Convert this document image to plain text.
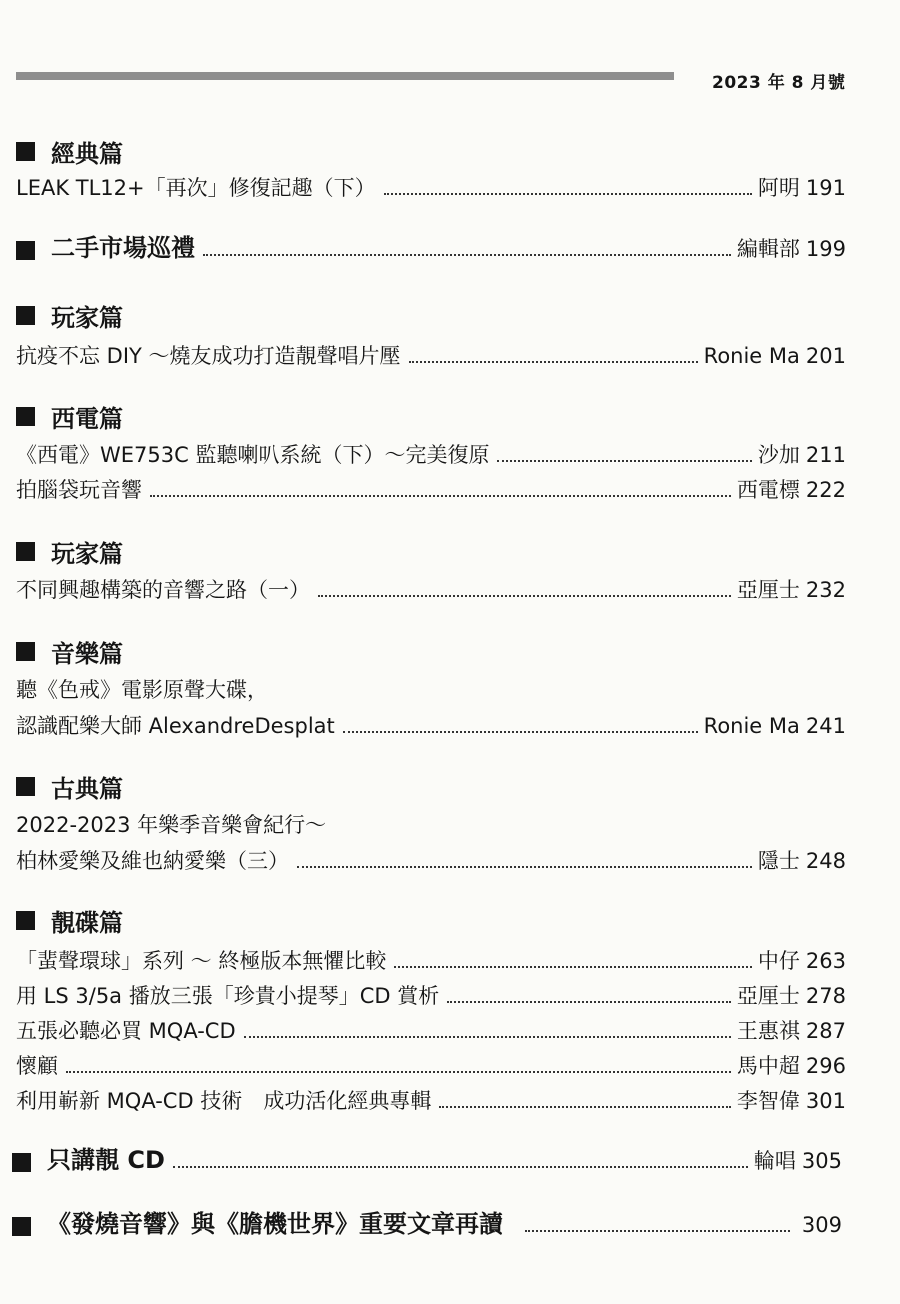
2023 年 8 月號
經典篇
LEAK TL12+「再次」修復記趣（下）	阿明 191
二手市場巡禮	編輯部 199
玩家篇
抗疫不忘 DIY ～燒友成功打造靚聲唱片壓	Ronie Ma 201
西電篇
《西電》WE753C 監聽喇叭系統（下）～完美復原	沙加 211
拍腦袋玩音響	西電標 222
玩家篇
不同興趣構築的音響之路（一）	亞厘士 232
音樂篇
聽《色戒》電影原聲大碟，
認識配樂大師 AlexandreDesplat	Ronie Ma 241
古典篇
2022-2023 年樂季音樂會紀行～
柏林愛樂及維也納愛樂（三）	隱士 248
靚碟篇
「蜚聲環球」系列 ～ 終極版本無懼比較	中仔 263
用 LS 3/5a 播放三張「珍貴小提琴」CD 賞析	亞厘士 278
五張必聽必買 MQA-CD	王惠祺 287
懷顧	馬中超 296
利用嶄新 MQA-CD 技術　成功活化經典專輯	李智偉 301
只講靚 CD	輪唱 305
《發燒音響》與《膽機世界》重要文章再讀	309
